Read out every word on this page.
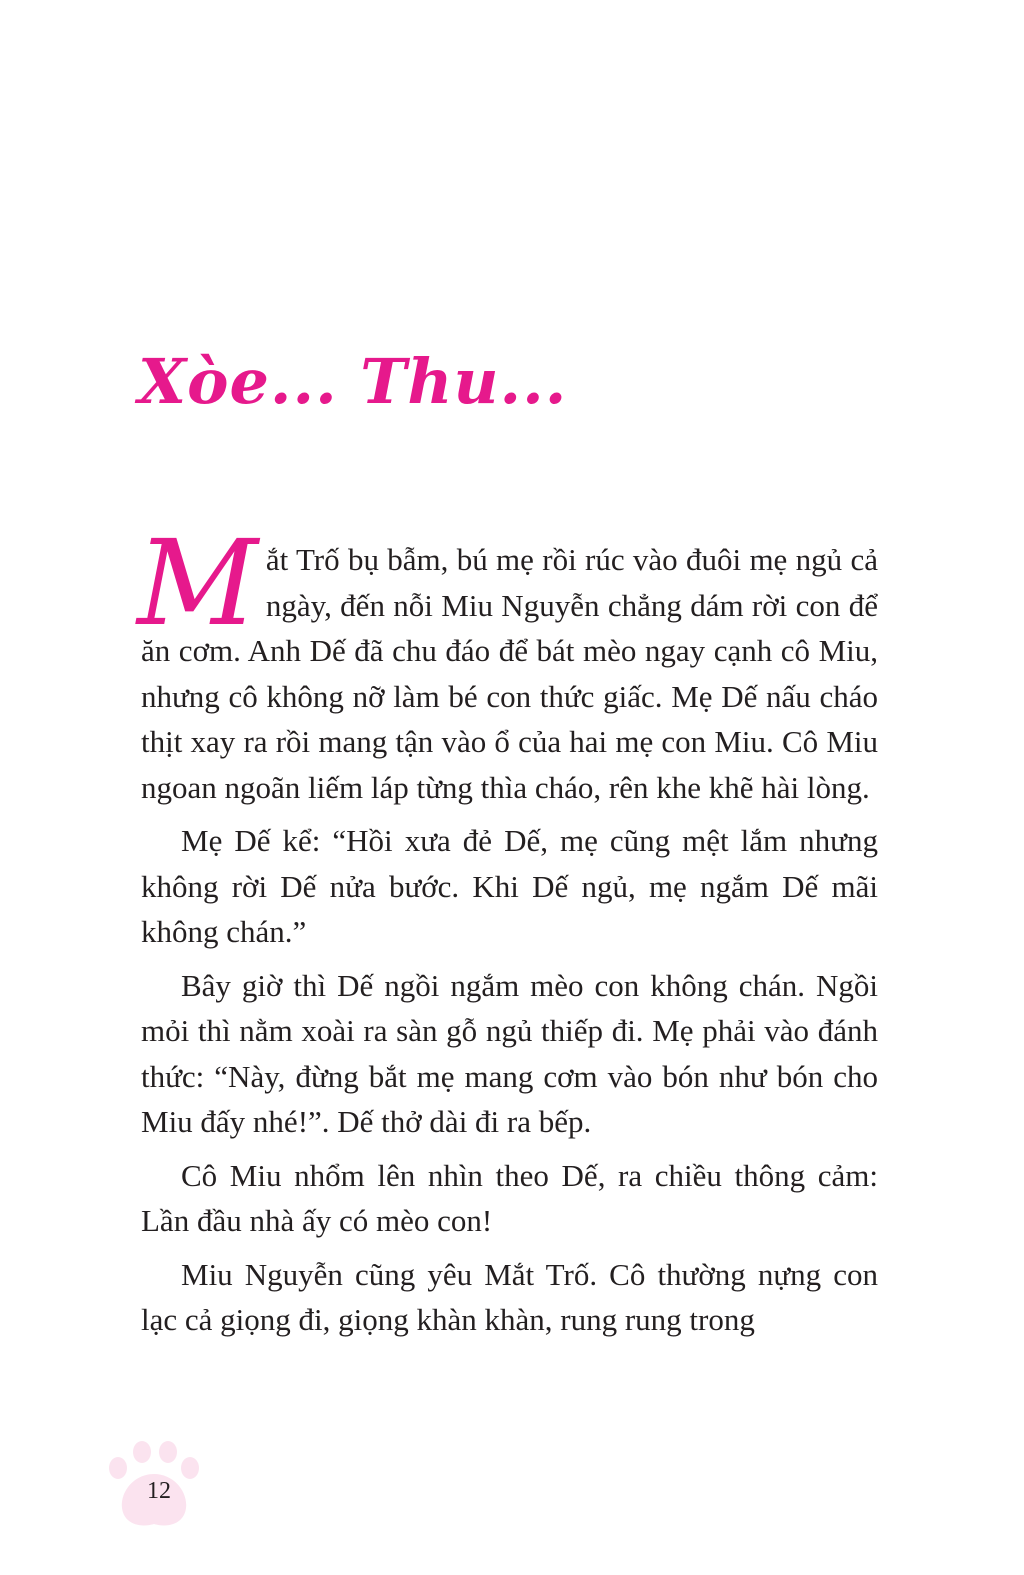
Xòe... Thu...

Mắt Trố bụ bẫm, bú mẹ rồi rúc vào đuôi mẹ ngủ cả ngày, đến nỗi Miu Nguyễn chẳng dám rời con để ăn cơm. Anh Dế đã chu đáo để bát mèo ngay cạnh cô Miu, nhưng cô không nỡ làm bé con thức giấc. Mẹ Dế nấu cháo thịt xay ra rồi mang tận vào ổ của hai mẹ con Miu. Cô Miu ngoan ngoãn liếm láp từng thìa cháo, rên khe khẽ hài lòng.

Mẹ Dế kể: “Hồi xưa đẻ Dế, mẹ cũng mệt lắm nhưng không rời Dế nửa bước. Khi Dế ngủ, mẹ ngắm Dế mãi không chán.”

Bây giờ thì Dế ngồi ngắm mèo con không chán. Ngồi mỏi thì nằm xoài ra sàn gỗ ngủ thiếp đi. Mẹ phải vào đánh thức: “Này, đừng bắt mẹ mang cơm vào bón như bón cho Miu đấy nhé!”. Dế thở dài đi ra bếp.

Cô Miu nhổm lên nhìn theo Dế, ra chiều thông cảm: Lần đầu nhà ấy có mèo con!

Miu Nguyễn cũng yêu Mắt Trố. Cô thường nựng con lạc cả giọng đi, giọng khàn khàn, rung rung trong

12
